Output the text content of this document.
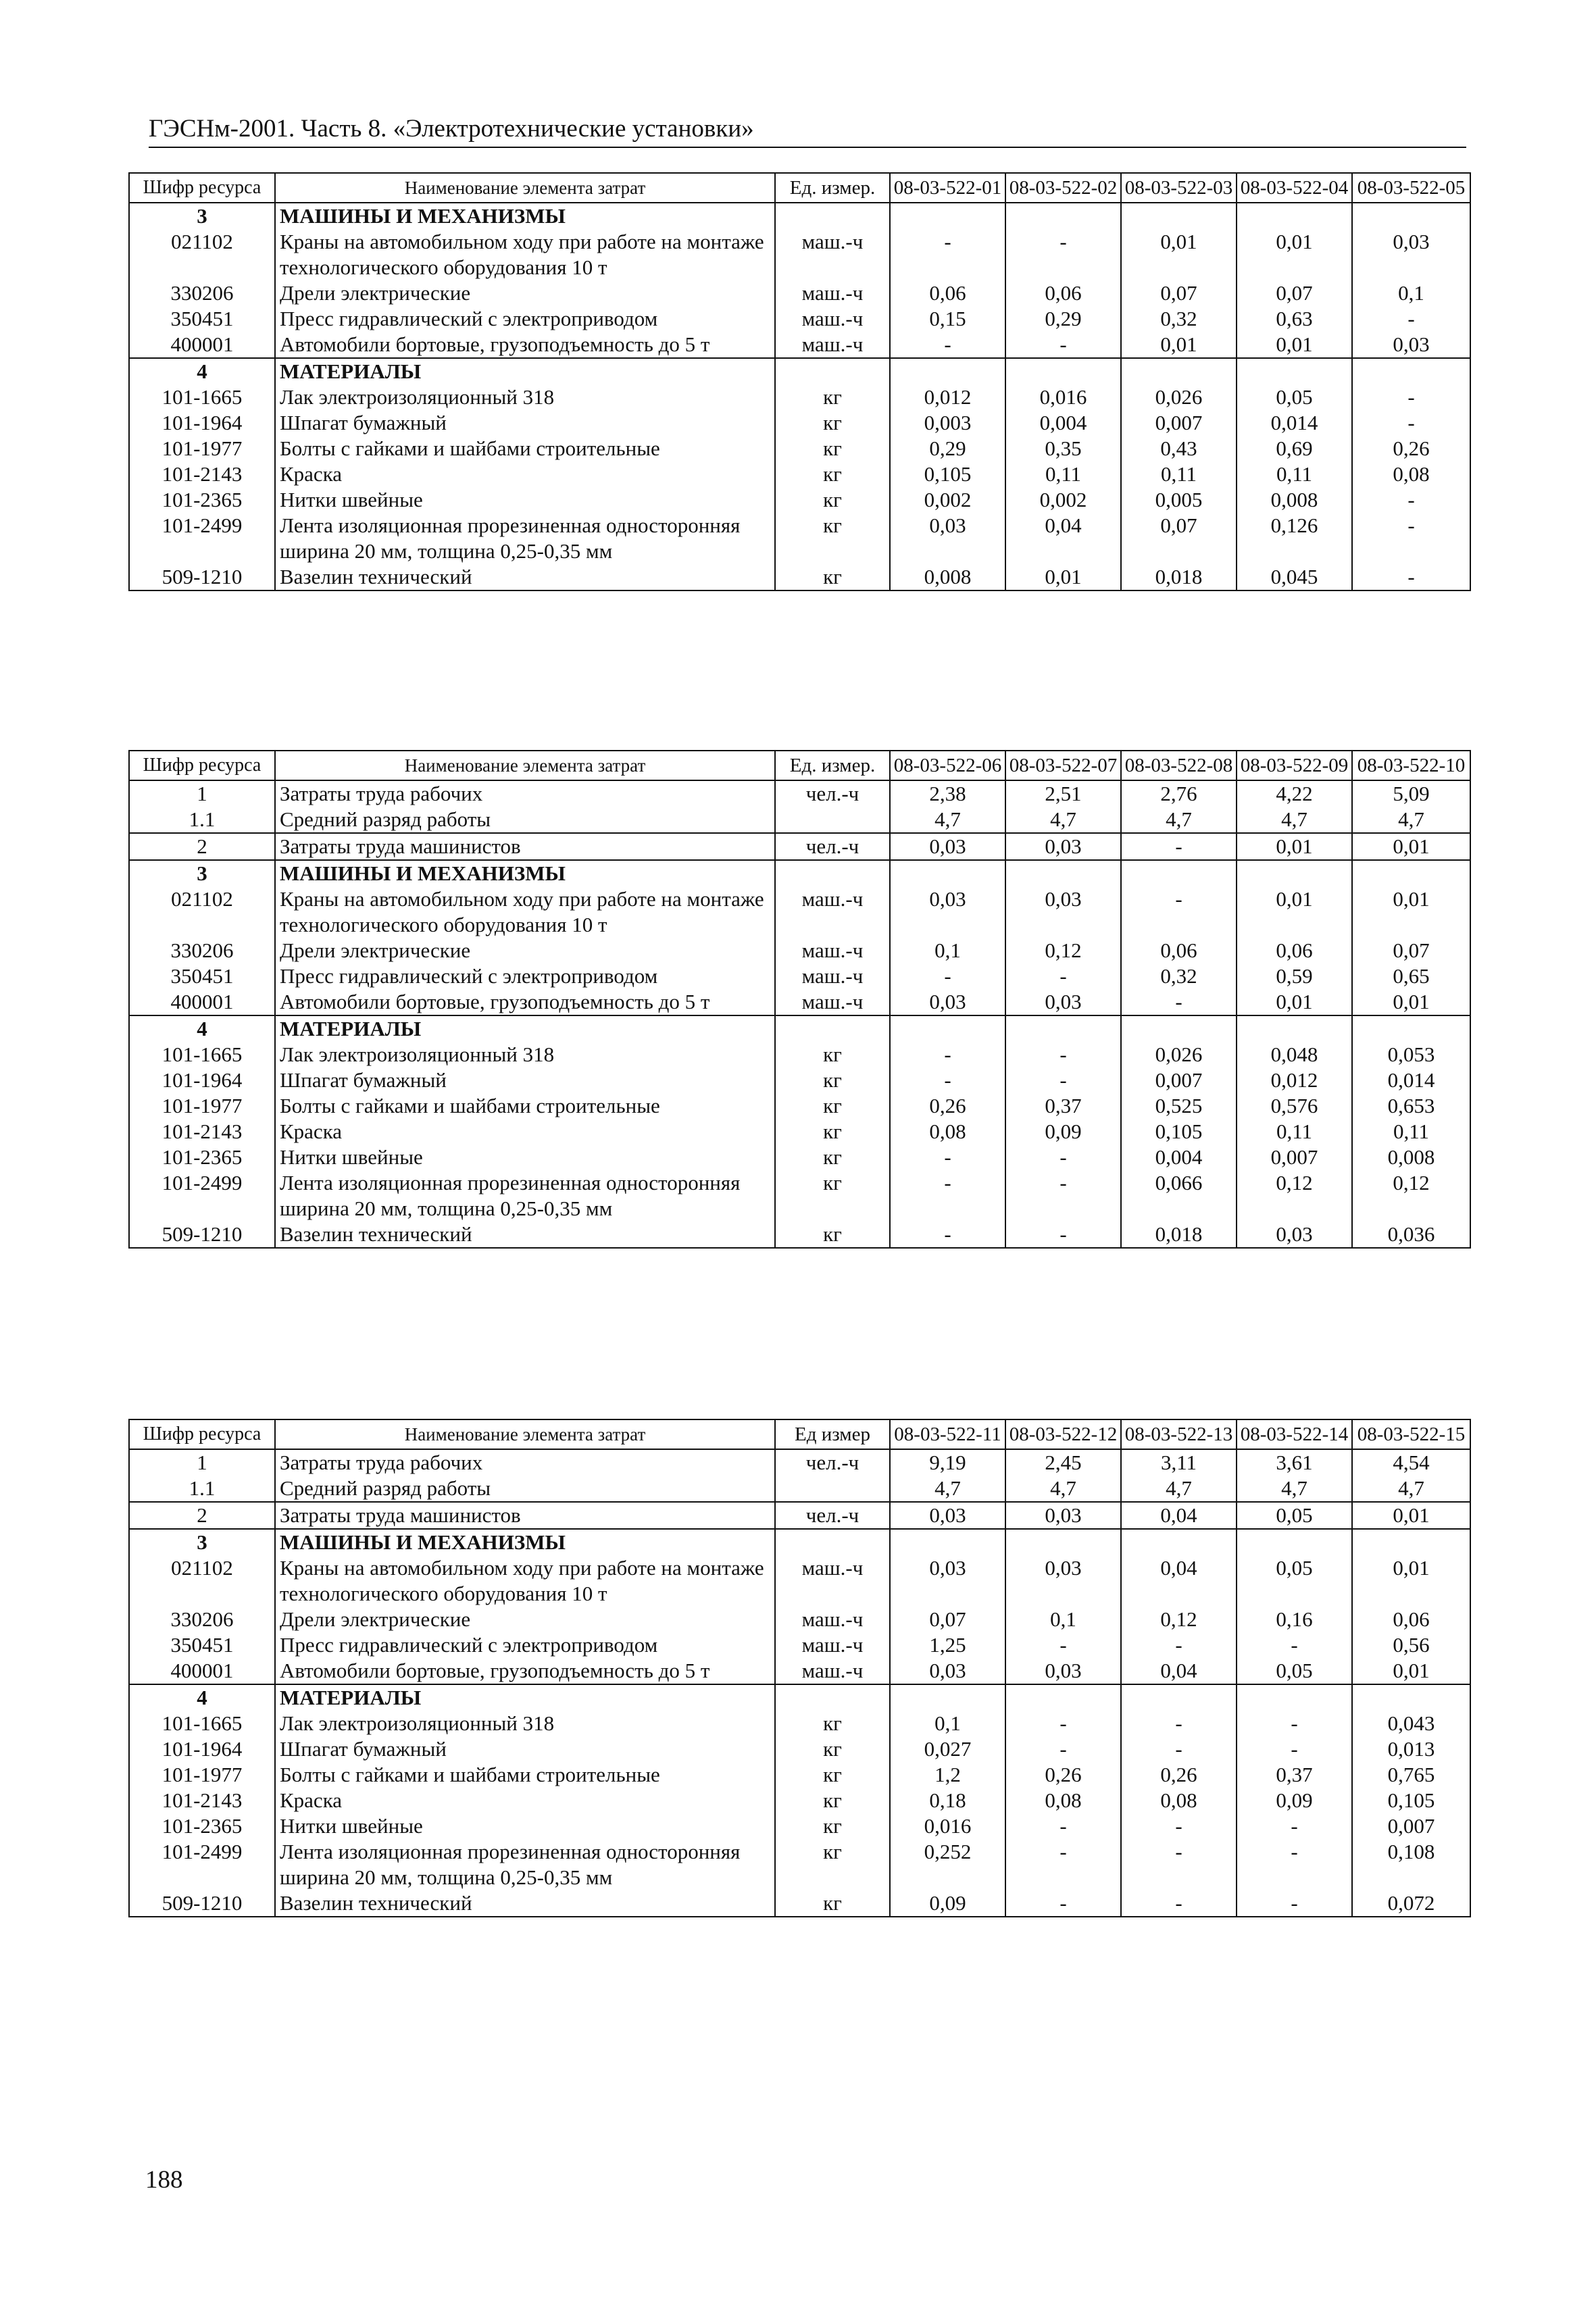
ГЭСНм-2001. Часть 8. «Электротехнические установки»
Шифр ресурса	Наименование элемента затрат	Ед. измер.	08-03-522-01	08-03-522-02	08-03-522-03	08-03-522-04	08-03-522-05
3	МАШИНЫ И МЕХАНИЗМЫ						
021102	Краны на автомобильном ходу при работе на монтаже технологического оборудования 10 т	маш.-ч	-	-	0,01	0,01	0,03
330206	Дрели электрические	маш.-ч	0,06	0,06	0,07	0,07	0,1
350451	Пресс гидравлический с электроприводом	маш.-ч	0,15	0,29	0,32	0,63	-
400001	Автомобили бортовые, грузоподъемность до 5 т	маш.-ч	-	-	0,01	0,01	0,03
4	МАТЕРИАЛЫ						
101-1665	Лак электроизоляционный 318	кг	0,012	0,016	0,026	0,05	-
101-1964	Шпагат бумажный	кг	0,003	0,004	0,007	0,014	-
101-1977	Болты с гайками и шайбами строительные	кг	0,29	0,35	0,43	0,69	0,26
101-2143	Краска	кг	0,105	0,11	0,11	0,11	0,08
101-2365	Нитки швейные	кг	0,002	0,002	0,005	0,008	-
101-2499	Лента изоляционная прорезиненная односторонняя ширина 20 мм, толщина 0,25-0,35 мм	кг	0,03	0,04	0,07	0,126	-
509-1210	Вазелин технический	кг	0,008	0,01	0,018	0,045	-
Шифр ресурса	Наименование элемента затрат	Ед. измер.	08-03-522-06	08-03-522-07	08-03-522-08	08-03-522-09	08-03-522-10
1	Затраты труда рабочих	чел.-ч	2,38	2,51	2,76	4,22	5,09
1.1	Средний разряд работы		4,7	4,7	4,7	4,7	4,7
2	Затраты труда машинистов	чел.-ч	0,03	0,03	-	0,01	0,01
3	МАШИНЫ И МЕХАНИЗМЫ						
021102	Краны на автомобильном ходу при работе на монтаже технологического оборудования 10 т	маш.-ч	0,03	0,03	-	0,01	0,01
330206	Дрели электрические	маш.-ч	0,1	0,12	0,06	0,06	0,07
350451	Пресс гидравлический с электроприводом	маш.-ч	-	-	0,32	0,59	0,65
400001	Автомобили бортовые, грузоподъемность до 5 т	маш.-ч	0,03	0,03	-	0,01	0,01
4	МАТЕРИАЛЫ						
101-1665	Лак электроизоляционный 318	кг	-	-	0,026	0,048	0,053
101-1964	Шпагат бумажный	кг	-	-	0,007	0,012	0,014
101-1977	Болты с гайками и шайбами строительные	кг	0,26	0,37	0,525	0,576	0,653
101-2143	Краска	кг	0,08	0,09	0,105	0,11	0,11
101-2365	Нитки швейные	кг	-	-	0,004	0,007	0,008
101-2499	Лента изоляционная прорезиненная односторонняя ширина 20 мм, толщина 0,25-0,35 мм	кг	-	-	0,066	0,12	0,12
509-1210	Вазелин технический	кг	-	-	0,018	0,03	0,036
Шифр ресурса	Наименование элемента затрат	Ед измер	08-03-522-11	08-03-522-12	08-03-522-13	08-03-522-14	08-03-522-15
1	Затраты труда рабочих	чел.-ч	9,19	2,45	3,11	3,61	4,54
1.1	Средний разряд работы		4,7	4,7	4,7	4,7	4,7
2	Затраты труда машинистов	чел.-ч	0,03	0,03	0,04	0,05	0,01
3	МАШИНЫ И МЕХАНИЗМЫ						
021102	Краны на автомобильном ходу при работе на монтаже технологического оборудования 10 т	маш.-ч	0,03	0,03	0,04	0,05	0,01
330206	Дрели электрические	маш.-ч	0,07	0,1	0,12	0,16	0,06
350451	Пресс гидравлический с электроприводом	маш.-ч	1,25	-	-	-	0,56
400001	Автомобили бортовые, грузоподъемность до 5 т	маш.-ч	0,03	0,03	0,04	0,05	0,01
4	МАТЕРИАЛЫ						
101-1665	Лак электроизоляционный 318	кг	0,1	-	-	-	0,043
101-1964	Шпагат бумажный	кг	0,027	-	-	-	0,013
101-1977	Болты с гайками и шайбами строительные	кг	1,2	0,26	0,26	0,37	0,765
101-2143	Краска	кг	0,18	0,08	0,08	0,09	0,105
101-2365	Нитки швейные	кг	0,016	-	-	-	0,007
101-2499	Лента изоляционная прорезиненная односторонняя ширина 20 мм, толщина 0,25-0,35 мм	кг	0,252	-	-	-	0,108
509-1210	Вазелин технический	кг	0,09	-	-	-	0,072
188
